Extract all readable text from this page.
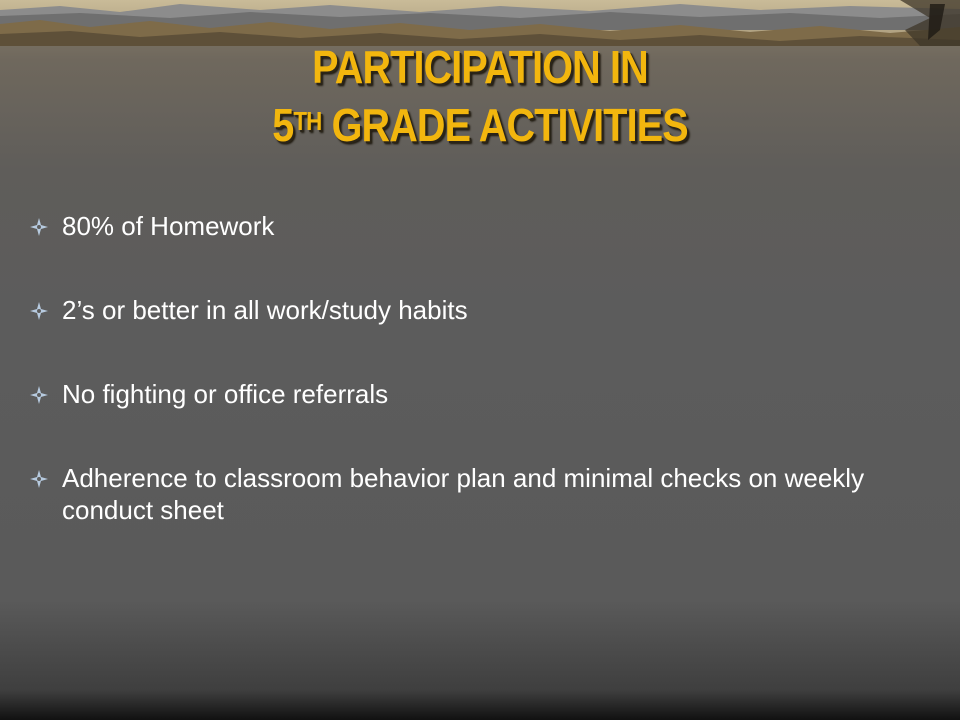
PARTICIPATION IN
5TH GRADE ACTIVITIES
80% of Homework
2’s or better in all work/study habits
No fighting or office referrals
Adherence to classroom behavior plan and minimal checks on weekly conduct sheet
